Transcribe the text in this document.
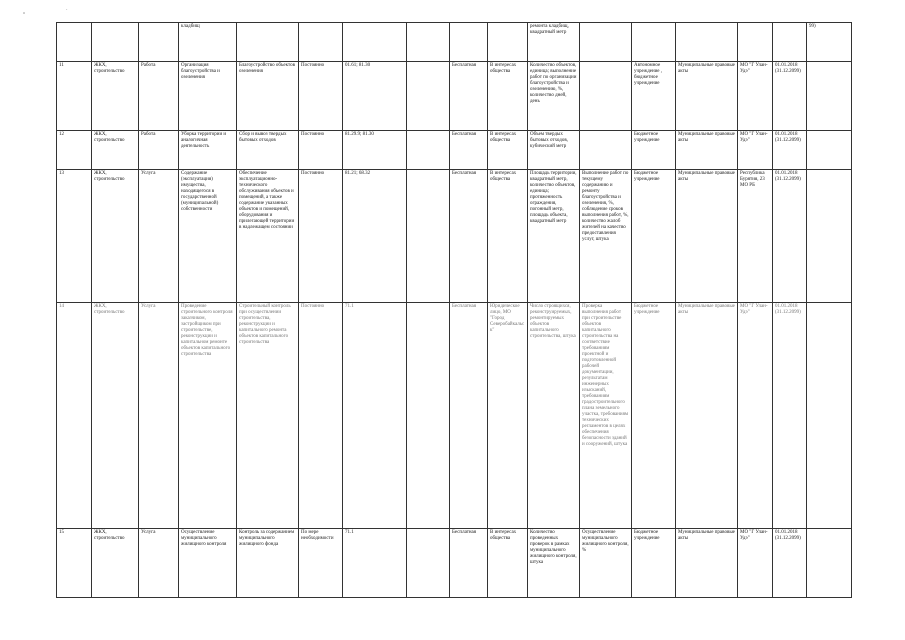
„	·
			кладбищ							ремонта кладбищ, квадратный метр						99)
11	ЖКХ, строительство	Работа	Организация благоустройства и озеленения	Благоустройство объектов озеленения	Постоянно	01.61; 81.30		Бесплатная	В интересах общества	Количество объектов, единица; выполнение работ по организации благоустройства и озеленению, %, количество дней, день		Автономное учреждение , бюджетное учреждение	Муниципальные правовые акты	МО "Г Улан-Удэ"	01.01.2018 (31.12.2099)	
12	ЖКХ, строительство	Работа	Уборка территории и аналогичная деятельность	Сбор и вывоз твердых бытовых отходов	Постоянно	81.29.9; 81.30		Бесплатная	В интересах общества	Объем твердых бытовых отходов, кубический метр		Бюджетное учреждение	Муниципальные правовые акты	МО "Г Улан-Удэ"	01.01.2018 (31.12.2099)	
13	ЖКХ, строительство	Услуга	Содержание (эксплуатация) имущества, находящегося в государственной (муниципальной) собственности	Обеспечение эксплуатационно-технического обслуживания объектов и помещений, а также содержание указанных объектов и помещений, оборудования и прилегающей территории в надлежащем состоянии	Постоянно	81.21; 68.32		Бесплатная	В интересах общества	Площадь территории, квадратный метр, количество объектов, единица; протяженность ограждения, погонный метр, площадь объекта, квадратный метр	Выполнение работ по текущему содержанию и ремонту благоустройства и озеленения, %, соблюдение сроков выполнения работ, %, количество жалоб жителей на качество предоставления услуг, штука	Бюджетное учреждение	Муниципальные правовые акты	Республика Бурятия, 23 МО РБ	01.01.2018 (31.12.2099)	
14	ЖКХ, строительство	Услуга	Проведение строительного контроля заказчиком, застройщиком при строительстве, реконструкции и капитальном ремонте объектов капитального строительства	Строительный контроль при осуществлении строительства, реконструкции и капитального ремонта объектов капитального строительства	Постоянно	71.1		Бесплатная	Юридическое лицо, МО "Город Северобайкальск"	Число строящихся, реконструируемых, ремонтируемых объектов капитального строительства, штука	Проверка выполнения работ при строительстве объектов капитального строительства на соответствие требованиям проектной и подготовленной рабочей документации, результатам инженерных изысканий, требованиям градостроительного плана земельного участка, требованиям технических регламентов в целях обеспечения безопасности зданий и сооружений, штука	Бюджетное учреждение	Муниципальные правовые акты	МО "Г Улан-Удэ"	01.01.2018 (31.12.2099)	
15	ЖКХ, строительство	Услуга	Осуществление муниципального жилищного контроля	Контроль за содержанием муниципального жилищного фонда	По мере необходимости	71.1		Бесплатная	В интересах общества	Количество проведенных проверок в рамках муниципального жилищного контроля, штука	Осуществление муниципального жилищного контроля, %	Бюджетное учреждение	Муниципальные правовые акты	МО "Г Улан-Удэ"	01.01.2018 (31.12.2099)	
